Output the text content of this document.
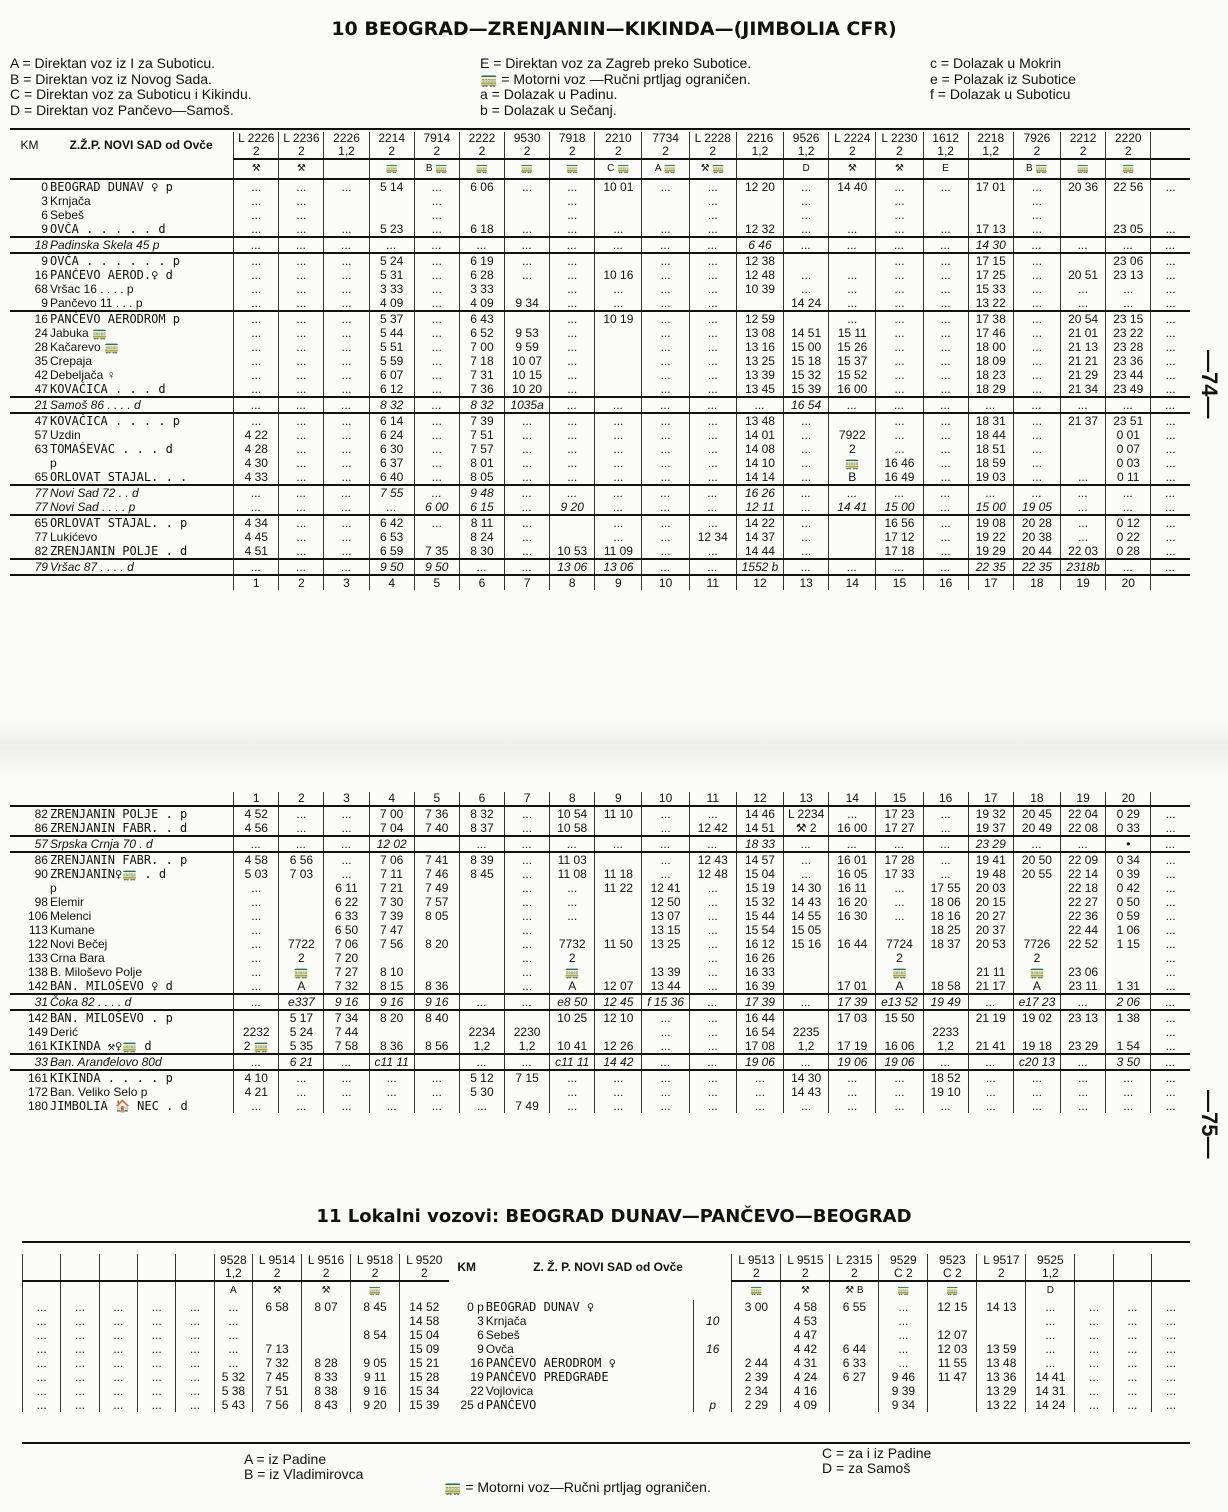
10 BEOGRAD—ZRENJANIN—KIKINDA—(JIMBOLIA CFR)
A = Direktan voz iz I za Suboticu.
B = Direktan voz iz Novog Sada.
C = Direktan voz za Suboticu i Kikindu.
D = Direktan voz Pančevo—Samoš.
E = Direktan voz za Zagreb preko Subotice.
🚃 = Motorni voz —Ručni prtljag ograničen.
a = Dolazak u Padinu.
b = Dolazak u Sečanj.
c = Dolazak u Mokrin
e = Polazak iz Subotice
f = Dolazak u Suboticu
KM	Z.Ž.P. NOVI SAD od Ovče	L 2226	L 2236	2226	2214	7914	2222	9530	7918	2210	7734	L 2228	2216	9526	L 2224	L 2230	1612	2218	7926	2212	2220	
		2	2	1,2	2	2	2	2	2	2	2	2	1,2	1,2	2	2	1,2	1,2	2	2	2	
		⚒	⚒		🚃	B 🚃	🚃	🚃	🚃	C 🚃	A 🚃	⚒ 🚃		D	⚒	⚒	E		B 🚃	🚃	🚃	
0	BEOGRAD DUNAV ♀ p	...	...	...	5 14	...	6 06	...	...	10 01	...	...	12 20	...	14 40	...	...	17 01	...	20 36	22 56	...
3	Krnjača	...	...			...			...			...		...		...			...			
6	Sebeš	...	...			...			...			...		...		...			...			
9	OVČA . . . . . d	...	...	...	5 23	...	6 18	...	...	...	...	...	12 32	...	...	...	...	17 13	...		23 05	...
18	Padinska Skela 45 p	...	...	...	...	...	...	...	...	...	...	...	6 46	...	...	...	...	14 30	...	...	...	...
9	OVČA . . . . . . p	...	...	...	5 24	...	6 19	...	...		...	...	12 38			...	...	17 15	...		23 06	...
16	PANČEVO AEROD.♀ d	...	...	...	5 31	...	6 28	...	...	10 16	...	...	12 48	...	...	...	...	17 25	...	20 51	23 13	...
68	Vršac 16 . . . . p	...	...	...	3 33	...	3 33		...	...	...	...	10 39	...	...	...	...	15 33	...	...	...	...
9	Pančevo 11 . . . p	...	...	...	4 09	...	4 09	9 34	...	...	...	...		14 24	...	...	...	13 22	...	...	...	...
16	PANČEVO AERODROM p	...	...	...	5 37	...	6 43		...	10 19	...	...	12 59		...	...	...	17 38	...	20 54	23 15	...
24	Jabuka 🚃	...	...	...	5 44	...	6 52	9 53	...		...	...	13 08	14 51	15 11	...	...	17 46	...	21 01	23 22	...
28	Kačarevo 🚃	...	...	...	5 51	...	7 00	9 59	...		...	...	13 16	15 00	15 26	...	...	18 00	...	21 13	23 28	...
35	Crepaja	...	...	...	5 59	...	7 18	10 07	...		...	...	13 25	15 18	15 37	...	...	18 09	...	21 21	23 36	...
42	Debeljača ♀	...	...	...	6 07	...	7 31	10 15	...		...	...	13 39	15 32	15 52	...	...	18 23	...	21 29	23 44	...
47	KOVAČICA . . . d	...	...	...	6 12	...	7 36	10 20	...		...	...	13 45	15 39	16 00	...	...	18 29	...	21 34	23 49	...
21	Samoš 86 . . . . d	...	...	...	8 32	...	8 32	1035a	...	...	...	...	...	16 54	...	...	...	...	...	...	...	...
47	KOVAČICA . . . . p	...	...	...	6 14	...	7 39	...	...	...	...	...	13 48	...		...	...	18 31	...	21 37	23 51	...
57	Uzdin	4 22	...	...	6 24	...	7 51	...	...	...	...	...	14 01	...	7922	...	...	18 44	...		0 01	...
63	TOMAŠEVAC . . . d	4 28	...	...	6 30	...	7 57	...	...	...	...	...	14 08	...	2	...	...	18 51	...		0 07	...
	p	4 30	...	...	6 37	...	8 01	...	...	...	...	...	14 10	...	🚃	16 46	...	18 59	...		0 03	...
65	ORLOVAT STAJAL. . .	4 33	...	...	6 40	...	8 05	...	...	...	...	...	14 14	...	B	16 49	...	19 03	...	...	0 11	...
77	Novi Sad 72 . . d	...	...	...	7 55	...	9 48	...	...	...	...	...	16 26	...	...	...	...	...	...	...	...	...
77	Novi Sad . . . . p	...	...	...	...	6 00	6 15	...	9 20	...	...	...	12 11	...	14 41	15 00	...	15 00	19 05	...	...	...
65	ORLOVAT STAJAL. . p	4 34	...	...	6 42	...	8 11	...		...	...	...	14 22	...		16 56	...	19 08	20 28	...	0 12	...
77	Lukićevo	4 45	...	...	6 53		8 24	...		...	...	12 34	14 37	...		17 12	...	19 22	20 38	...	0 22	...
82	ZRENJANIN POLJE . d	4 51	...	...	6 59	7 35	8 30	...	10 53	11 09	...	...	14 44	...		17 18	...	19 29	20 44	22 03	0 28	...
79	Vršac 87 . . . . d	...	...	...	9 50	9 50	...	...	13 06	13 06	...	...	1552 b	...	...	...	...	22 35	22 35	2318b	...	...
		1	2	3	4	5	6	7	8	9	10	11	12	13	14	15	16	17	18	19	20	
—74—
		1	2	3	4	5	6	7	8	9	10	11	12	13	14	15	16	17	18	19	20	
82	ZRENJANIN POLJE . p	4 52	...	...	7 00	7 36	8 32	...	10 54	11 10	...	...	14 46	L 2234	...	17 23	...	19 32	20 45	22 04	0 29	...
86	ZRENJANIN FABR. . d	4 56	...	...	7 04	7 40	8 37	...	10 58		...	12 42	14 51	⚒ 2	16 00	17 27	...	19 37	20 49	22 08	0 33	...
57	Srpska Crnja 70 . d	...	...	...	12 02		...	...	...	...	...	...	18 33	...	...	...	...	23 29	...	...	•	...
86	ZRENJANIN FABR. . p	4 58	6 56	...	7 06	7 41	8 39	...	11 03		...	12 43	14 57	...	16 01	17 28	...	19 41	20 50	22 09	0 34	...
90	ZRENJANIN♀🚃 . d	5 03	7 03	...	7 11	7 46	8 45	...	11 08	11 18	...	12 48	15 04	...	16 05	17 33	...	19 48	20 55	22 14	0 39	...
	p	...		6 11	7 21	7 49		...	...	11 22	12 41	...	15 19	14 30	16 11	...	17 55	20 03		22 18	0 42	...
98	Elemir	...		6 22	7 30	7 57		...	...		12 50	...	15 32	14 43	16 20	...	18 06	20 15		22 27	0 50	...
106	Melenci	...		6 33	7 39	8 05		...	...		13 07	...	15 44	14 55	16 30	...	18 16	20 27		22 36	0 59	...
113	Kumane	...		6 50	7 47			...			13 15	...	15 54	15 05			18 25	20 37		22 44	1 06	...
122	Novi Bečej	...	7722	7 06	7 56	8 20		...	7732	11 50	13 25	...	16 12	15 16	16 44	7724	18 37	20 53	7726	22 52	1 15	...
133	Crna Bara	...	2	7 20				...	2			...	16 26			2			2			...
138	B. Miloševo Polje	...	🚃	7 27	8 10			...	🚃		13 39	...	16 33			🚃		21 11	🚃	23 06		...
142	BAN. MILOŠEVO ♀ d	...	A	7 32	8 15	8 36		...	A	12 07	13 44	...	16 39		17 01	A	18 58	21 17	A	23 11	1 31	...
31	Čoka 82 . . . . d	...	e337	9 16	9 16	9 16	...	...	e8 50	12 45	f 15 36	...	17 39	...	17 39	e13 52	19 49	...	e17 23	...	2 06	...
142	BAN. MILOŠEVO . p		5 17	7 34	8 20	8 40			10 25	12 10	...	...	16 44		17 03	15 50		21 19	19 02	23 13	1 38	...
149	Derić	2232	5 24	7 44			2234	2230			...	...	16 54	2235			2233					...
161	KIKINDA ⚒♀🚃 d	2 🚃	5 35	7 58	8 36	8 56	1,2	1,2	10 41	12 26	...	...	17 08	1,2	17 19	16 06	1,2	21 41	19 18	23 29	1 54	...
33	Ban. Aranđelovo 80d	...	6 21	...	c11 11		...	...	c11 11	14 42	...	...	19 06	...	19 06	19 06	...	...	c20 13	...	3 50	...
161	KIKINDA . . . . p	4 10	...	...	...	...	5 12	7 15	...	...	...	...	...	14 30	...	...	18 52	...	...	...	...	...
172	Ban. Veliko Selo p	4 21	...	...	...	...	5 30		...	...	...	...	...	14 43	...	...	19 10	...	...	...	...	...
180	JIMBOLIA 🏠 NEC . d	...	...	...	...	...	...	7 49	...	...	...	...	...	...	...	...	...	...	...	...	...	... —75—
11 Lokalni vozovi: BEOGRAD DUNAV—PANČEVO—BEOGRAD
					9528	L 9514	L 9516	L 9518	L 9520	KM	Z. Ž. P. NOVI SAD od Ovče		L 9513	L 9515	L 2315	9529	9523	L 9517	9525			
					1,2	2	2	2	2				2	2	2	C 2	C 2	2	1,2			
					A	⚒	⚒	🚃					🚃	⚒	⚒ B	🚃	🚃		D			
...	...	...	...	...	...	6 58	8 07	8 45	14 52	0 p	BEOGRAD DUNAV ♀		3 00	4 58	6 55	...	12 15	14 13	...	...	...	...
...	...	...	...	...	...				14 58	3	Krnjača	10		4 53		...			...	...	...	...
...	...	...	...	...	...			8 54	15 04	6	Sebeš			4 47		...	12 07		...	...	...	...
...	...	...	...	...	...	7 13			15 09	9	Ovča	16		4 42	6 44	...	12 03	13 59	...	...	...	...
...	...	...	...	...	...	7 32	8 28	9 05	15 21	16	PANČEVO AERODROM ♀		2 44	4 31	6 33	...	11 55	13 48	...	...	...	...
...	...	...	...	...	5 32	7 45	8 33	9 11	15 28	19	PANČEVO PREDGRAĐE		2 39	4 24	6 27	9 46	11 47	13 36	14 41	...	...	...
...	...	...	...	...	5 38	7 51	8 38	9 16	15 34	22	Vojlovica		2 34	4 16		9 39		13 29	14 31	...	...	...
...	...	...	...	...	5 43	7 56	8 43	9 20	15 39	25 d	PANČEVO	p	2 29	4 09		9 34		13 22	14 24	...	...	...
A = iz Padine
B = iz Vladimirovca
C = za i iz Padine
D = za Samoš
🚃 = Motorni voz—Ručni prtljag ograničen.
